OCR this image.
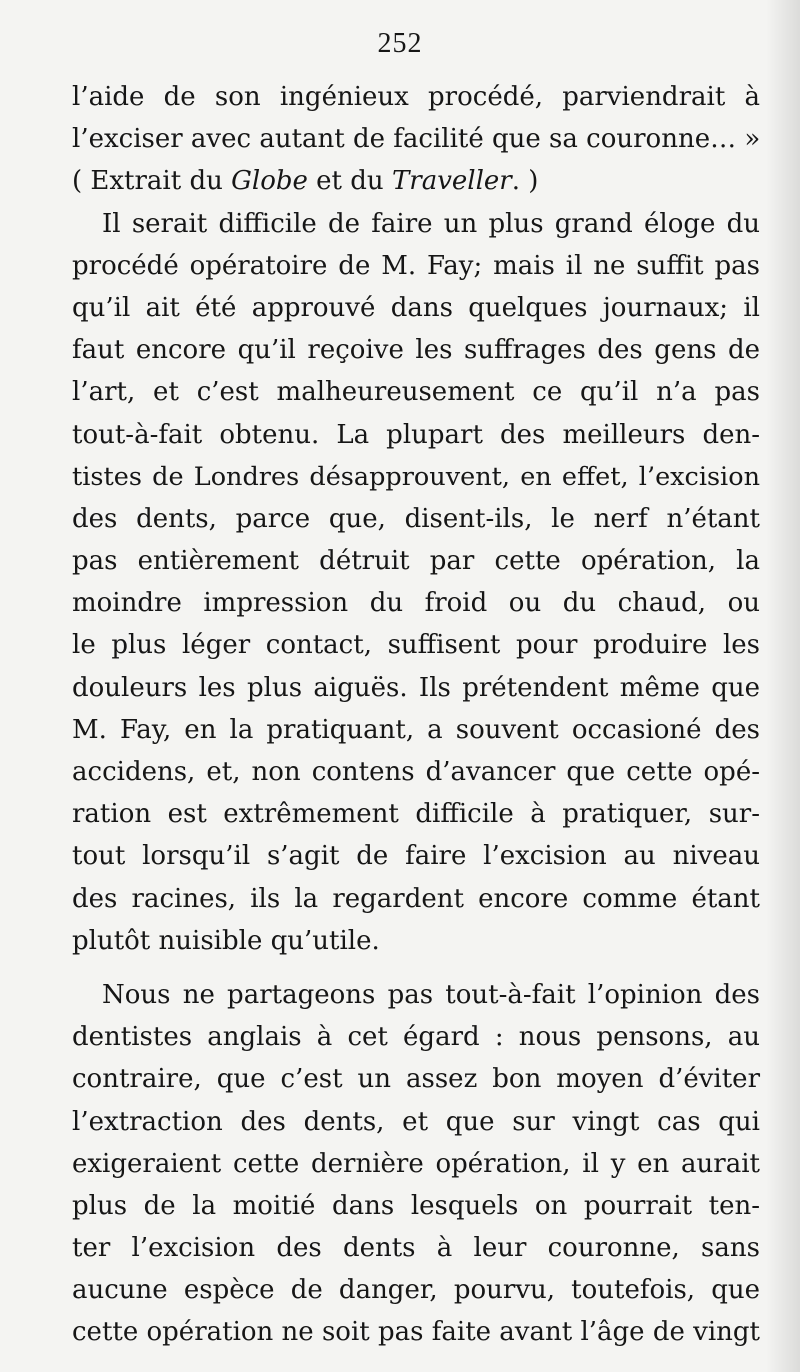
252
l’aide de son ingénieux procédé, parviendrait à
l’exciser avec autant de facilité que sa couronne… »
( Extrait du Globe et du Traveller. )
Il serait difficile de faire un plus grand éloge du
procédé opératoire de M. Fay; mais il ne suffit pas
qu’il ait été approuvé dans quelques journaux; il
faut encore qu’il reçoive les suffrages des gens de
l’art, et c’est malheureusement ce qu’il n’a pas
tout-à-fait obtenu. La plupart des meilleurs den-
tistes de Londres désapprouvent, en effet, l’excision
des dents, parce que, disent-ils, le nerf n’étant
pas entièrement détruit par cette opération, la
moindre impression du froid ou du chaud, ou
le plus léger contact, suffisent pour produire les
douleurs les plus aiguës. Ils prétendent même que
M. Fay, en la pratiquant, a souvent occasioné des
accidens, et, non contens d’avancer que cette opé-
ration est extrêmement difficile à pratiquer, sur-
tout lorsqu’il s’agit de faire l’excision au niveau
des racines, ils la regardent encore comme étant
plutôt nuisible qu’utile.
Nous ne partageons pas tout-à-fait l’opinion des
dentistes anglais à cet égard : nous pensons, au
contraire, que c’est un assez bon moyen d’éviter
l’extraction des dents, et que sur vingt cas qui
exigeraient cette dernière opération, il y en aurait
plus de la moitié dans lesquels on pourrait ten-
ter l’excision des dents à leur couronne, sans
aucune espèce de danger, pourvu, toutefois, que
cette opération ne soit pas faite avant l’âge de vingt
